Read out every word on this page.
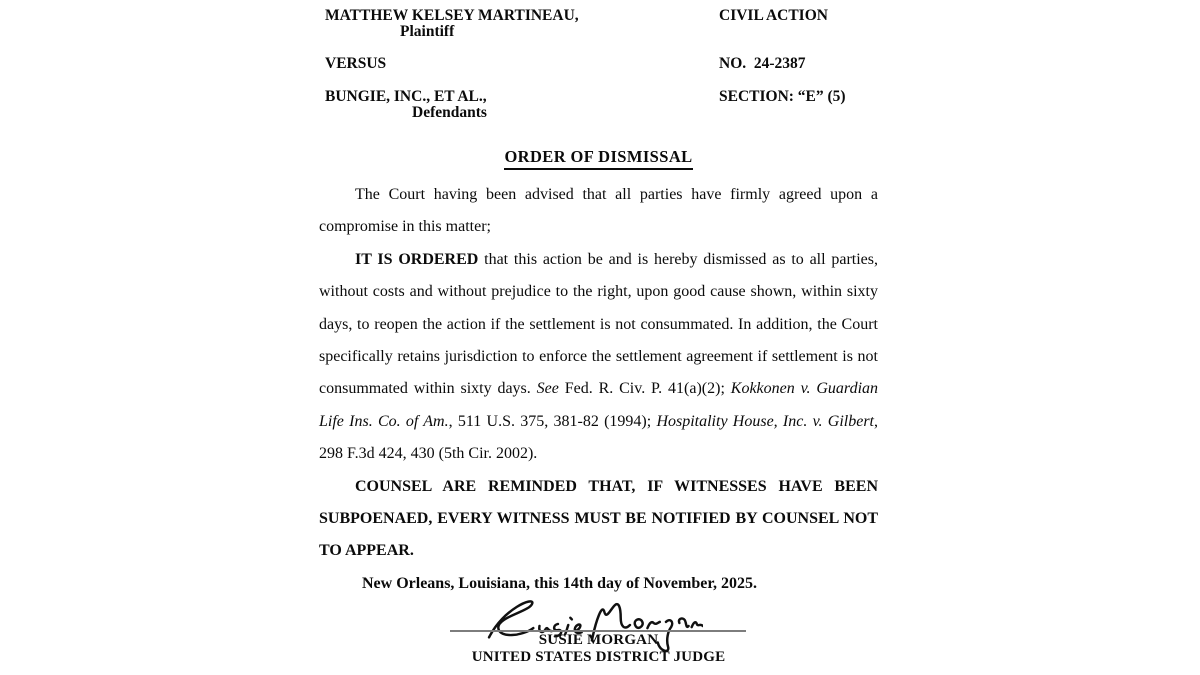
MATTHEW KELSEY MARTINEAU,
Plaintiff
VERSUS
BUNGIE, INC., ET AL.,
Defendants
CIVIL ACTION
NO.  24-2387
SECTION: “E” (5)
ORDER OF DISMISSAL

The Court having been advised that all parties have firmly agreed upon a compromise in this matter;

IT IS ORDERED that this action be and is hereby dismissed as to all parties, without costs and without prejudice to the right, upon good cause shown, within sixty days, to reopen the action if the settlement is not consummated. In addition, the Court specifically retains jurisdiction to enforce the settlement agreement if settlement is not consummated within sixty days. See Fed. R. Civ. P. 41(a)(2); Kokkonen v. Guardian Life Ins. Co. of Am., 511 U.S. 375, 381-82 (1994); Hospitality House, Inc. v. Gilbert, 298 F.3d 424, 430 (5th Cir. 2002).

COUNSEL ARE REMINDED THAT, IF WITNESSES HAVE BEEN SUBPOENAED, EVERY WITNESS MUST BE NOTIFIED BY COUNSEL NOT TO APPEAR.

New Orleans, Louisiana, this 14th day of November, 2025.

SUSIE MORGAN
UNITED STATES DISTRICT JUDGE
